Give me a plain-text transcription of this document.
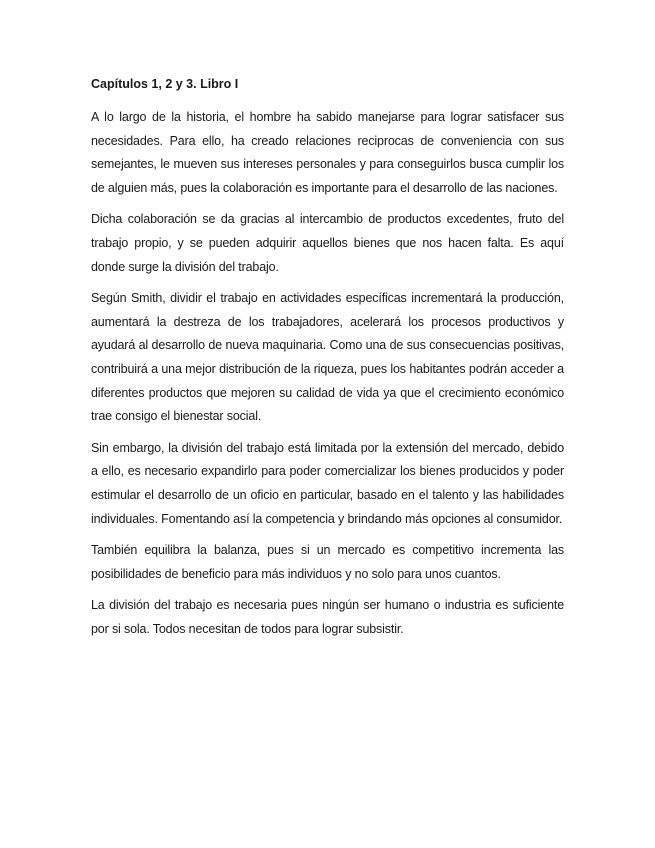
Capítulos 1, 2 y 3. Libro I

A lo largo de la historia, el hombre ha sabido manejarse para lograr satisfacer sus necesidades. Para ello, ha creado relaciones reciprocas de conveniencia con sus semejantes, le mueven sus intereses personales y para conseguirlos busca cumplir los de alguien más, pues la colaboración es importante para el desarrollo de las naciones.

Dicha colaboración se da gracias al intercambio de productos excedentes, fruto del trabajo propio, y se pueden adquirir aquellos bienes que nos hacen falta. Es aquí donde surge la división del trabajo.

Según Smith, dividir el trabajo en actividades específicas incrementará la producción, aumentará la destreza de los trabajadores, acelerará los procesos productivos y ayudará al desarrollo de nueva maquinaria. Como una de sus consecuencias positivas, contribuirá a una mejor distribución de la riqueza, pues los habitantes podrán acceder a diferentes productos que mejoren su calidad de vida ya que el crecimiento económico trae consigo el bienestar social.

Sin embargo, la división del trabajo está limitada por la extensión del mercado, debido a ello, es necesario expandirlo para poder comercializar los bienes producidos y poder estimular el desarrollo de un oficio en particular, basado en el talento y las habilidades individuales. Fomentando así la competencia y brindando más opciones al consumidor.

También equilibra la balanza, pues si un mercado es competitivo incrementa las posibilidades de beneficio para más individuos y no solo para unos cuantos.

La división del trabajo es necesaria pues ningún ser humano o industria es suficiente por si sola. Todos necesitan de todos para lograr subsistir.
